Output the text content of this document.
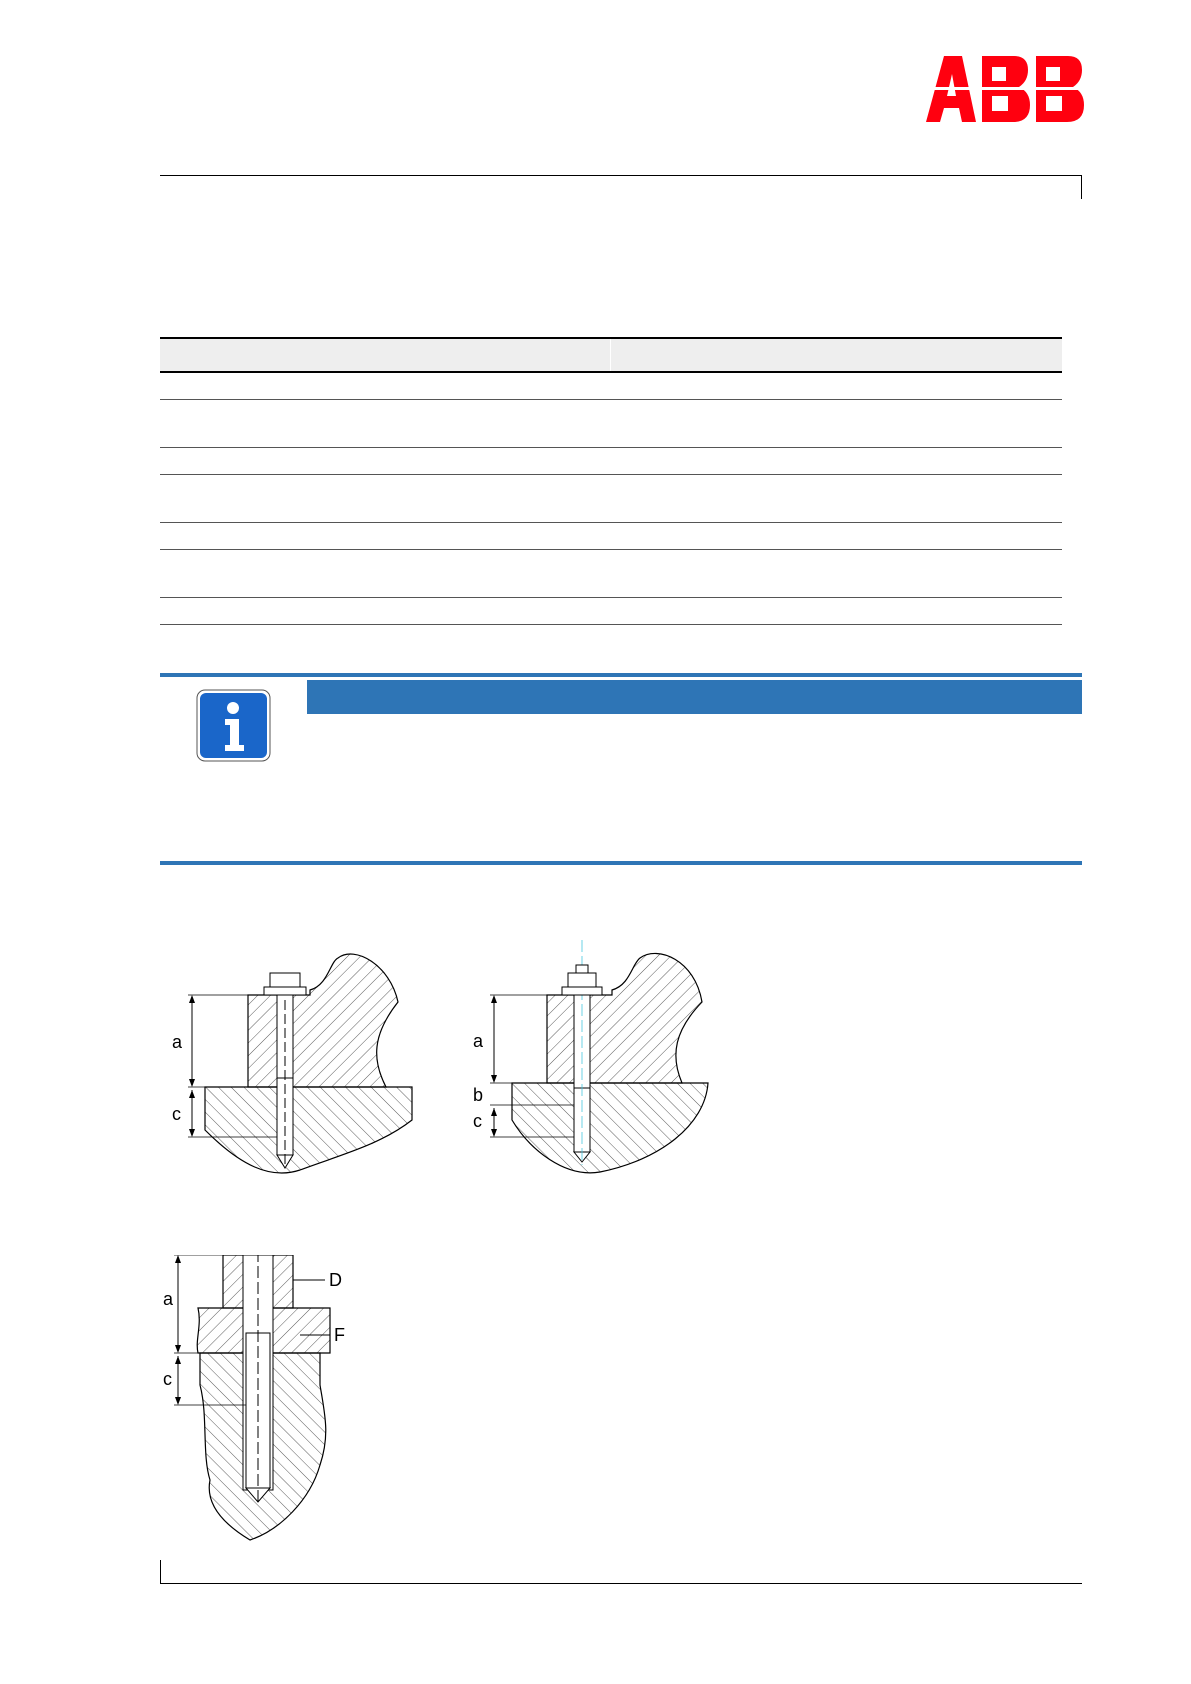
a
c
a
b
c
a
c
D
F
